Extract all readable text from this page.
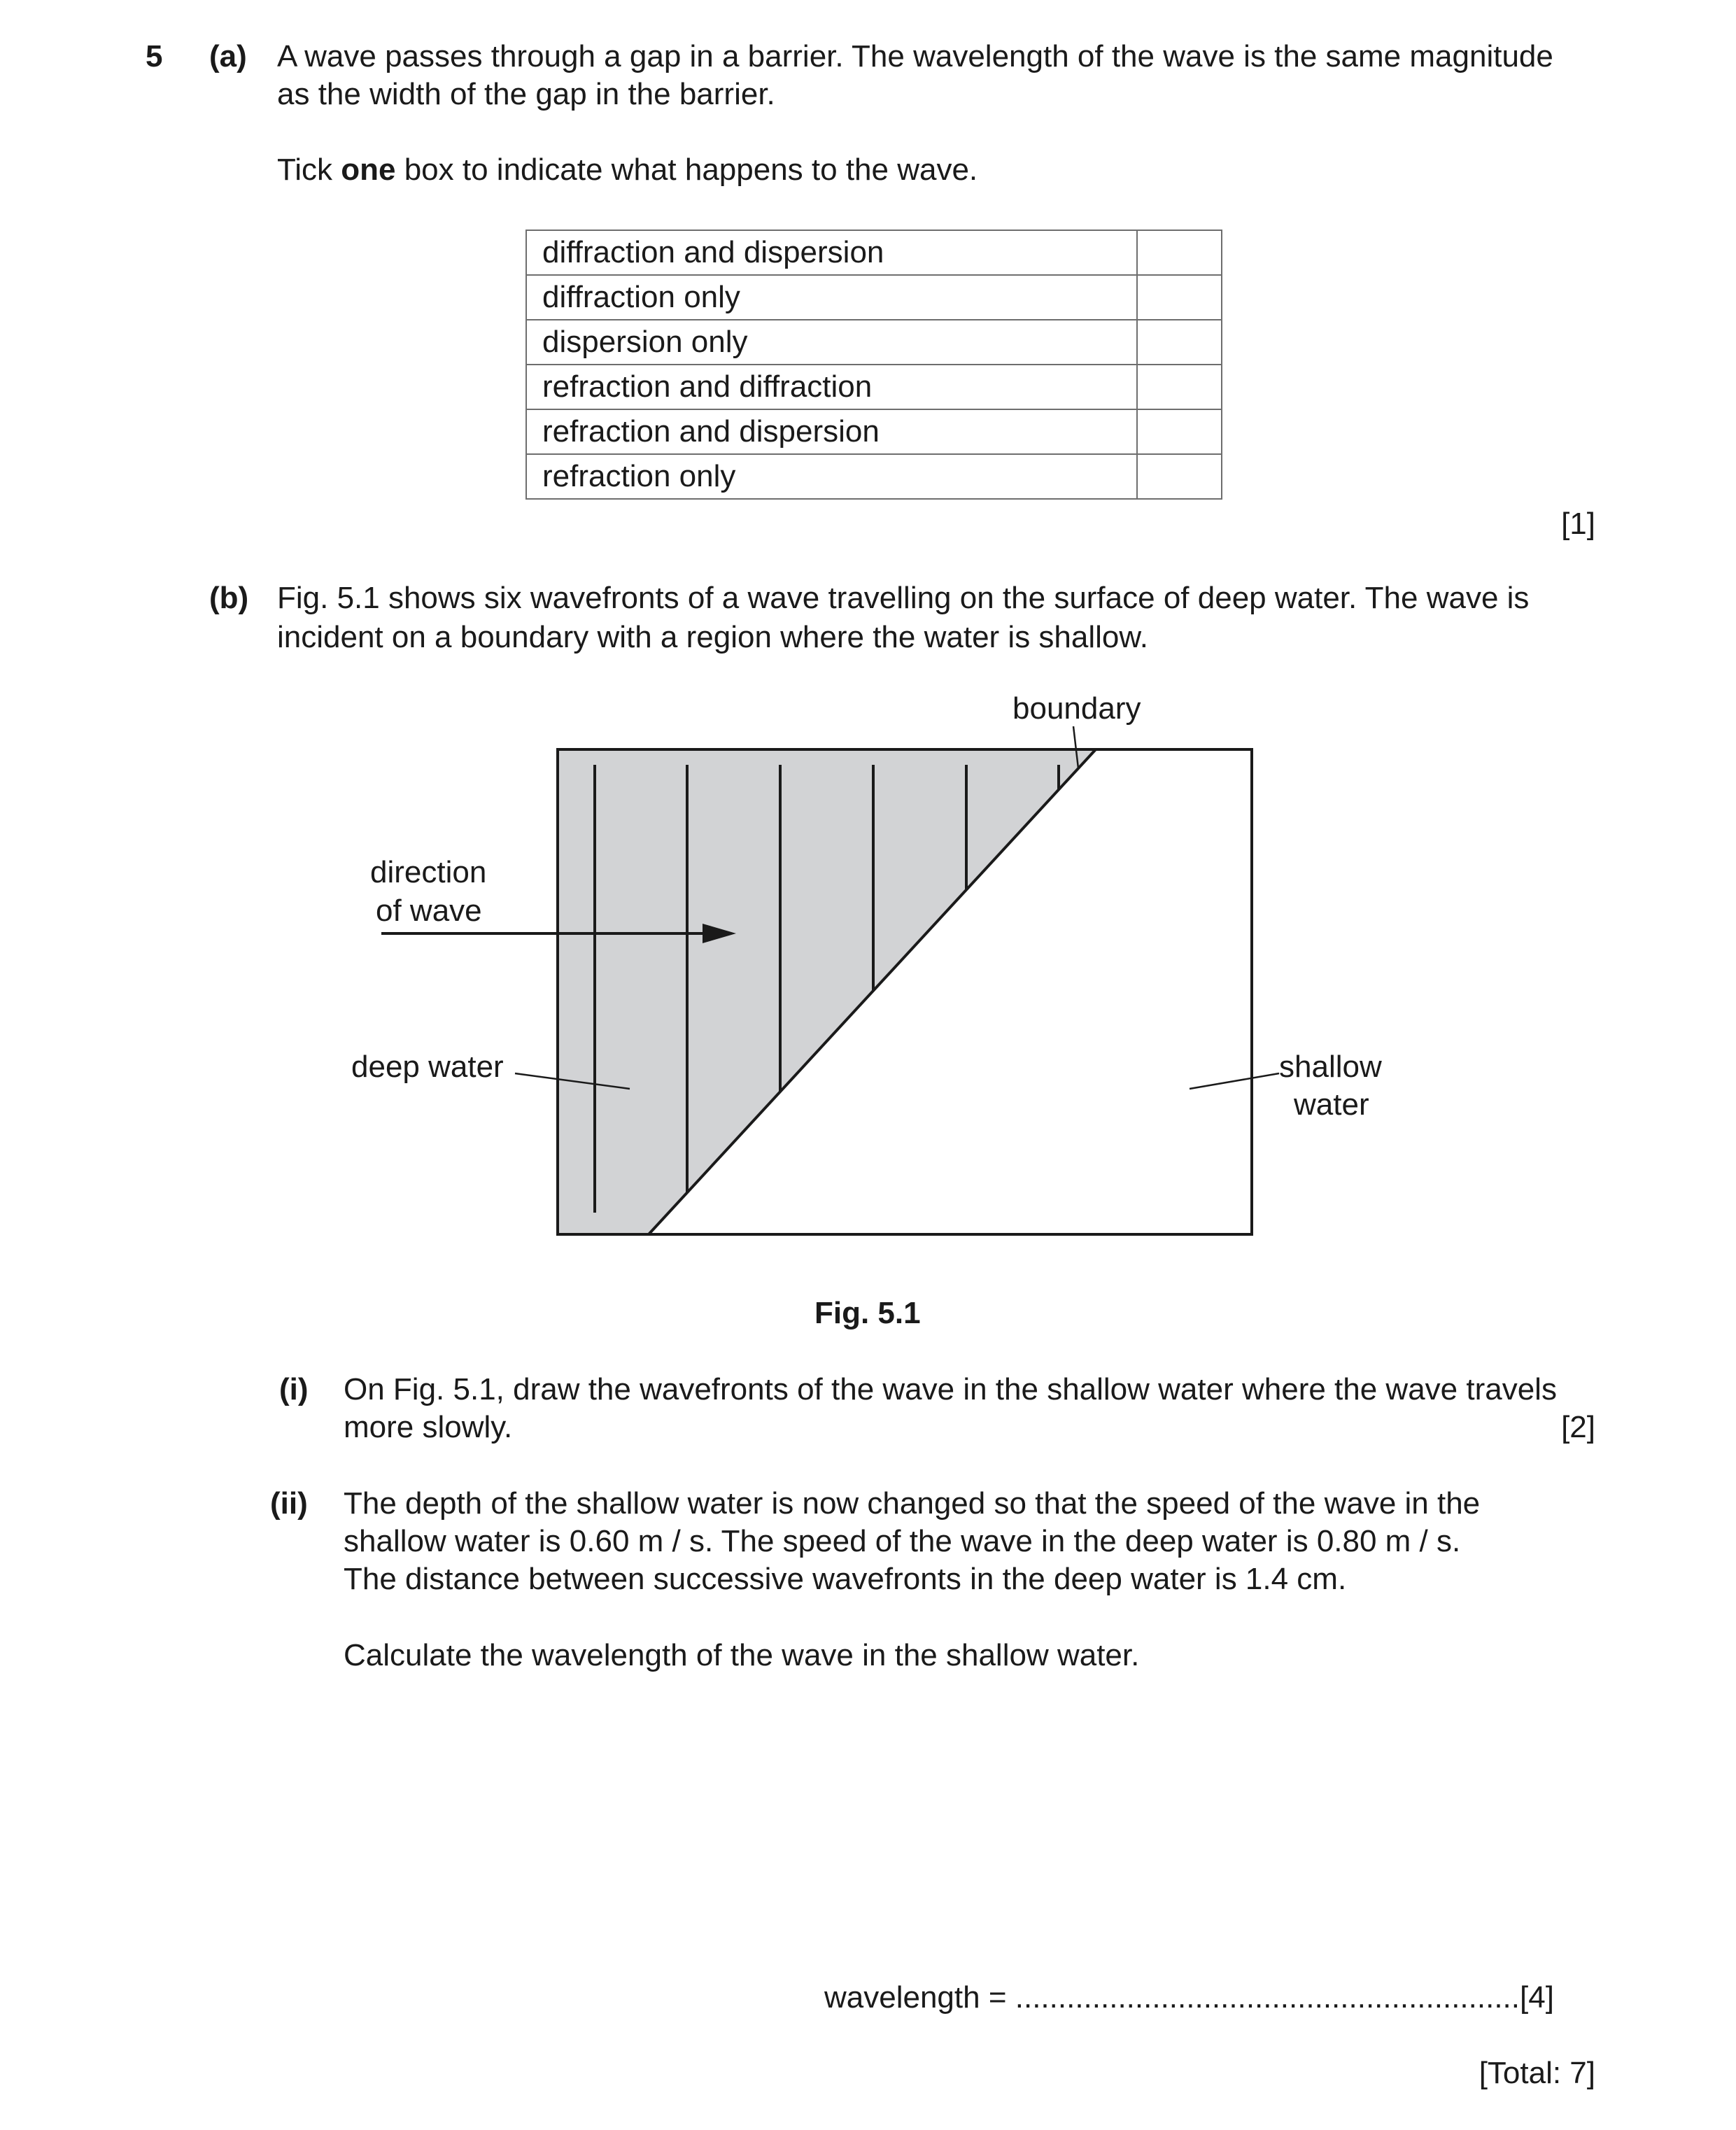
5 (a) A wave passes through a gap in a barrier. The wavelength of the wave is the same magnitude
as the width of the gap in the barrier.
Tick one box to indicate what happens to the wave.
diffraction and dispersion	
diffraction only	
dispersion only	
refraction and diffraction	
refraction and dispersion	
refraction only	
[1]
(b) Fig. 5.1 shows six wavefronts of a wave travelling on the surface of deep water. The wave is
incident on a boundary with a region where the water is shallow.
boundary
direction
of wave
deep water	shallow
water
Fig. 5.1
(i) On Fig. 5.1, draw the wavefronts of the wave in the shallow water where the wave travels
more slowly.	[2]
(ii) The depth of the shallow water is now changed so that the speed of the wave in the
shallow water is 0.60 m / s. The speed of the wave in the deep water is 0.80 m / s.
The distance between successive wavefronts in the deep water is 1.4 cm.
Calculate the wavelength of the wave in the shallow water.
wavelength = ...........................................................[4]
[Total: 7]
